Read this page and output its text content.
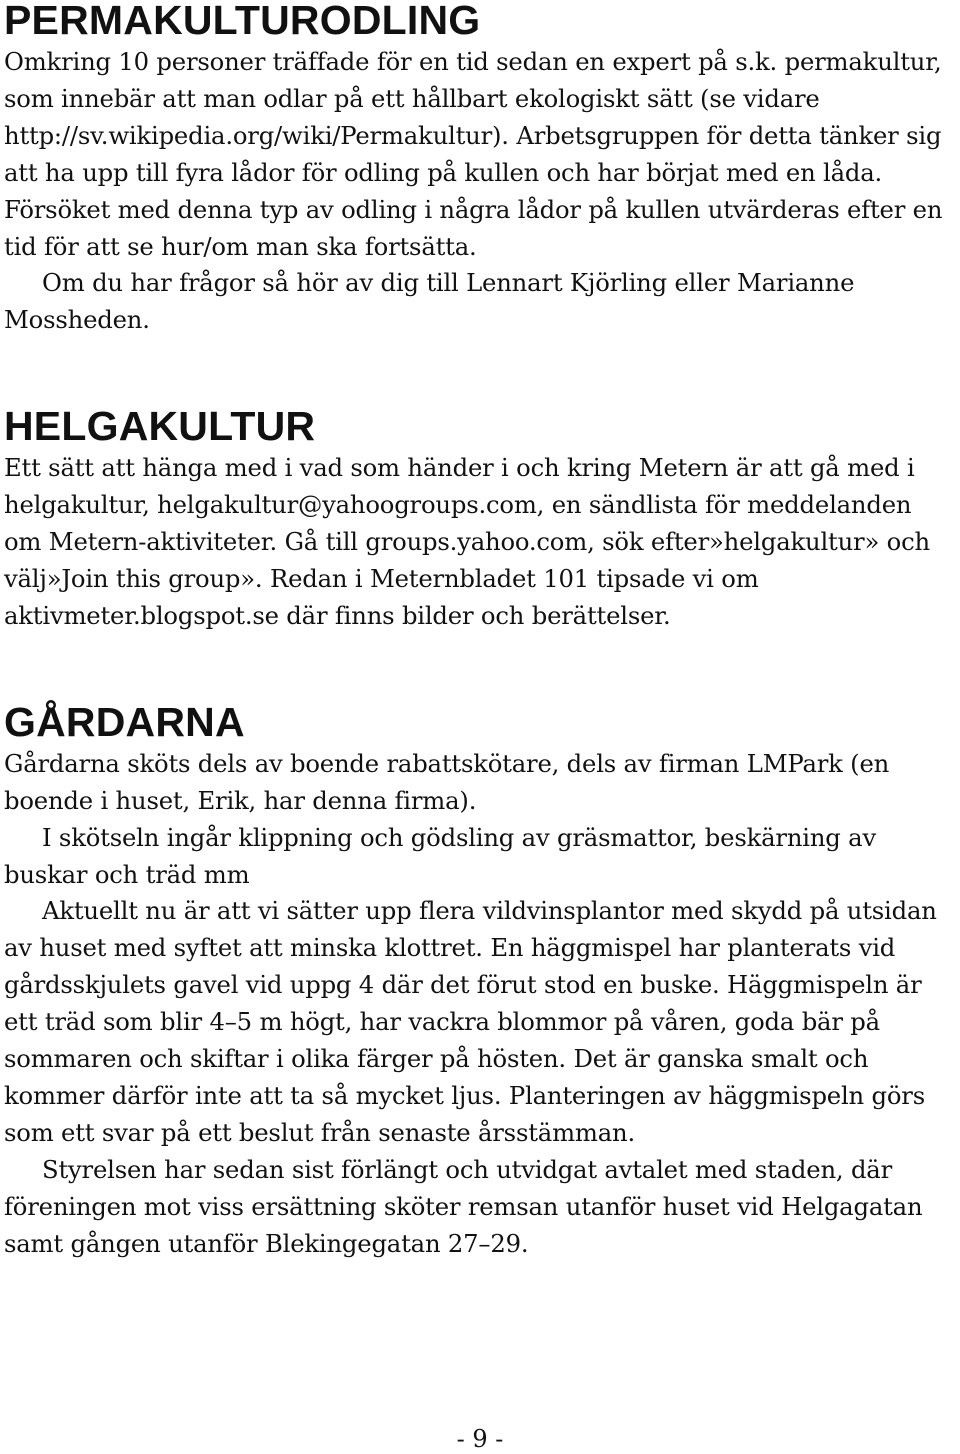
PERMAKULTURODLING

Omkring 10 personer träffade för en tid sedan en expert på s.k. permakultur, som innebär att man odlar på ett hållbart ekologiskt sätt (se vidare http://sv.wikipedia.org/wiki/Permakultur). Arbetsgruppen för detta tänker sig att ha upp till fyra lådor för odling på kullen och har börjat med en låda. Försöket med denna typ av odling i några lådor på kullen utvärderas efter en tid för att se hur/om man ska fortsätta.

Om du har frågor så hör av dig till Lennart Kjörling eller Marianne Mossheden.

HELGAKULTUR

Ett sätt att hänga med i vad som händer i och kring Metern är att gå med i helgakultur, helgakultur@yahoogroups.com, en sändlista för meddelanden om Metern-aktiviteter. Gå till groups.yahoo.com, sök efter»helgakultur» och välj»Join this group». Redan i Meternbladet 101 tipsade vi om aktivmeter.blogspot.se där finns bilder och berättelser.

GÅRDARNA

Gårdarna sköts dels av boende rabattskötare, dels av firman LMPark (en boende i huset, Erik, har denna firma).

I skötseln ingår klippning och gödsling av gräsmattor, beskärning av buskar och träd mm

Aktuellt nu är att vi sätter upp flera vildvinsplantor med skydd på utsidan av huset med syftet att minska klottret. En häggmispel har planterats vid gårdsskjulets gavel vid uppg 4 där det förut stod en buske. Häggmispeln är ett träd som blir 4–5 m högt, har vackra blommor på våren, goda bär på sommaren och skiftar i olika färger på hösten. Det är ganska smalt och kommer därför inte att ta så mycket ljus. Planteringen av häggmispeln görs som ett svar på ett beslut från senaste årsstämman.

Styrelsen har sedan sist förlängt och utvidgat avtalet med staden, där föreningen mot viss ersättning sköter remsan utanför huset vid Helgagatan samt gången utanför Blekingegatan 27–29.

- 9 -
